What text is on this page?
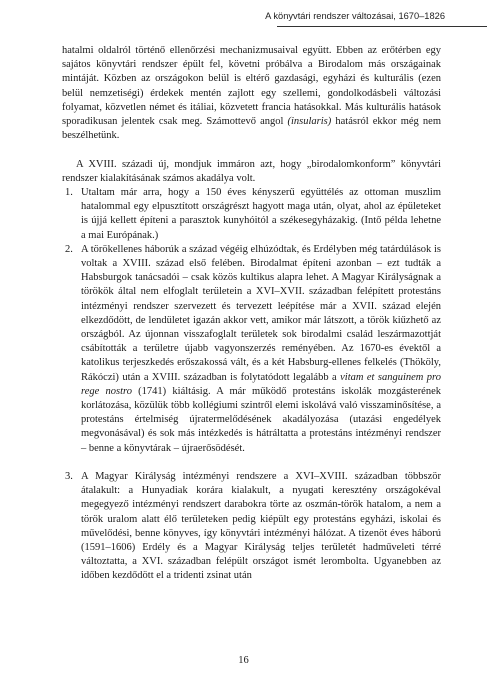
A könyvtári rendszer változásai, 1670–1826

hatalmi oldalról történő ellenőrzési mechanizmusaival együtt. Ebben az erőtérben egy sajátos könyvtári rendszer épült fel, követni próbálva a Birodalom más országainak mintáját. Közben az országokon belül is eltérő gazdasági, egyházi és kulturális (ezen belül nemzetiségi) érdekek mentén zajlott egy szellemi, gondolkodásbeli változási folyamat, közvetlen német és itáliai, közvetett francia hatásokkal. Más kulturális hatások sporadikusan jelentek csak meg. Számottevő angol (insularis) hatásról ekkor még nem beszélhetünk.

A XVIII. századi új, mondjuk immáron azt, hogy „birodalomkonform” könyvtári rendszer kialakításának számos akadálya volt.

1. Utaltam már arra, hogy a 150 éves kényszerű együttélés az ottoman muszlim hatalommal egy elpusztított országrészt hagyott maga után, olyat, ahol az épületeket is újjá kellett építeni a parasztok kunyhóitól a székesegyházakig. (Intő példa lehetne a mai Európának.)
2. A törökellenes háborúk a század végéig elhúzódtak, és Erdélyben még tatárdúlások is voltak a XVIII. század első felében. Birodalmat építeni azonban – ezt tudták a Habsburgok tanácsadói – csak közös kultikus alapra lehet. A Magyar Királyságnak a törökök által nem elfoglalt területein a XVI–XVII. században felépített protestáns intézményi rendszer szervezett és tervezett leépítése már a XVII. század elején elkezdődött, de lendületet igazán akkor vett, amikor már látszott, a török kiűzhető az országból. Az újonnan visszafoglalt területek sok birodalmi család leszármazottját csábították a területre újabb vagyonszerzés reményében. Az 1670-es évektől a katolikus terjeszkedés erőszakossá vált, és a két Habsburg-ellenes felkelés (Thököly, Rákóczi) után a XVIII. században is folytatódott legalább a vitam et sanguinem pro rege nostro (1741) kiáltásig. A már működő protestáns iskolák mozgásterének korlátozása, közülük több kollégiumi szintről elemi iskolává való visszaminősítése, a protestáns értelmiség újratermelődésének akadályozása (utazási engedélyek megvonásával) és sok más intézkedés is hátráltatta a protestáns intézményi rendszer – benne a könyvtárak – újraerősödését.
3. A Magyar Királyság intézményi rendszere a XVI–XVIII. században többször átalakult: a Hunyadiak korára kialakult, a nyugati keresztény országokéval megegyező intézményi rendszert darabokra törte az oszmán-török hatalom, a nem a török uralom alatt élő területeken pedig kiépült egy protestáns egyházi, iskolai és művelődési, benne könyves, így könyvtári intézményi hálózat. A tizenöt éves háború (1591–1606) Erdély és a Magyar Királyság teljes területét hadműveleti térré változtatta, a XVI. században felépült országot ismét lerombolta. Ugyanebben az időben kezdődött el a tridenti zsinat után
16
